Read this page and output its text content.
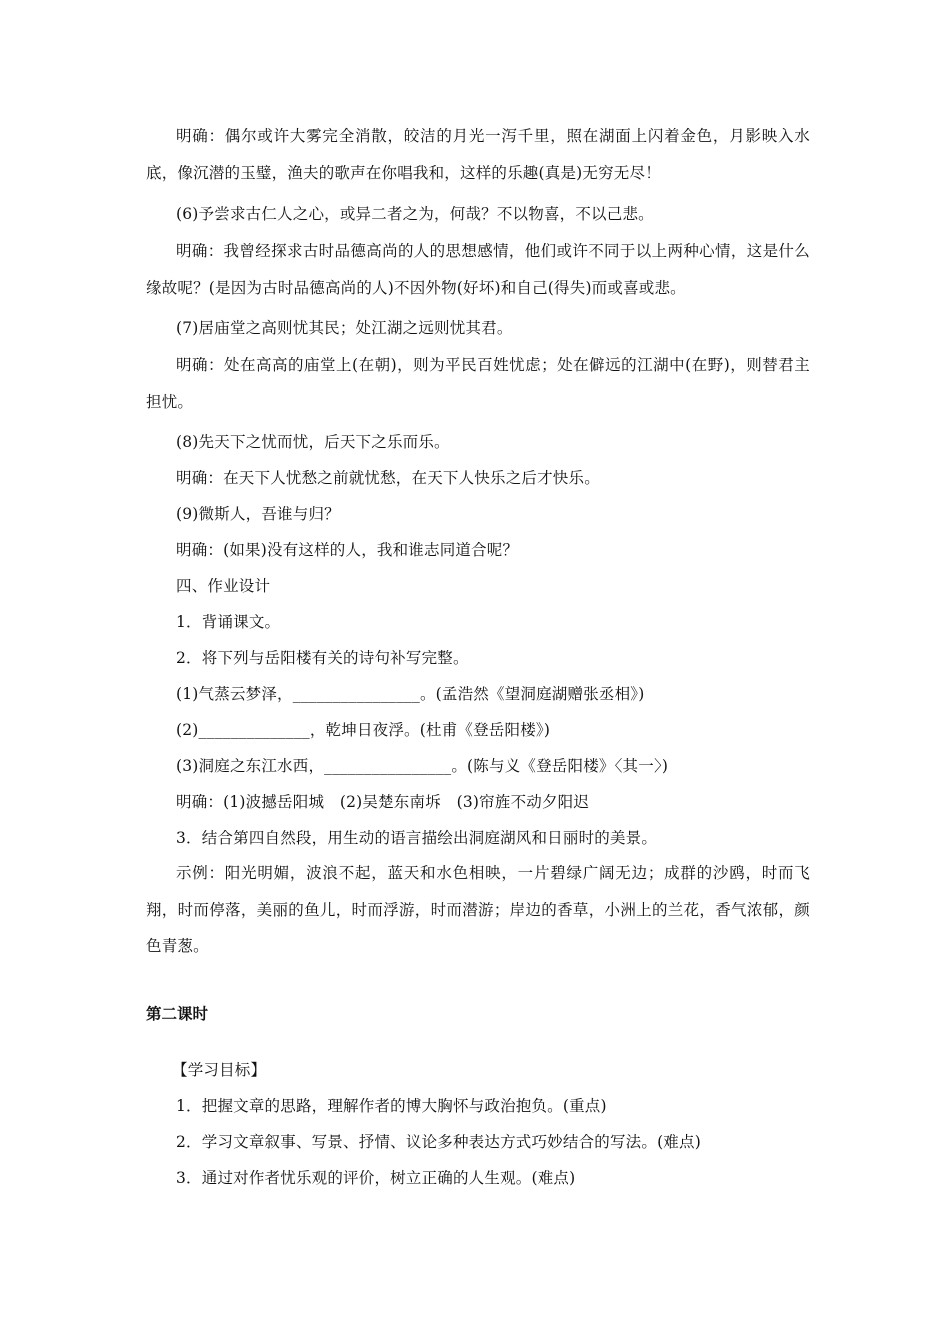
明确：偶尔或许大雾完全消散，皎洁的月光一泻千里，照在湖面上闪着金色，月影映入水底，像沉潜的玉璧，渔夫的歌声在你唱我和，这样的乐趣(真是)无穷无尽！

(6)予尝求古仁人之心，或异二者之为，何哉？不以物喜，不以己悲。

明确：我曾经探求古时品德高尚的人的思想感情，他们或许不同于以上两种心情，这是什么缘故呢？(是因为古时品德高尚的人)不因外物(好坏)和自己(得失)而或喜或悲。

(7)居庙堂之高则忧其民；处江湖之远则忧其君。

明确：处在高高的庙堂上(在朝)，则为平民百姓忧虑；处在僻远的江湖中(在野)，则替君主担忧。

(8)先天下之忧而忧，后天下之乐而乐。

明确：在天下人忧愁之前就忧愁，在天下人快乐之后才快乐。

(9)微斯人，吾谁与归？

明确：(如果)没有这样的人，我和谁志同道合呢？

四、作业设计

1．背诵课文。

2．将下列与岳阳楼有关的诗句补写完整。

(1)气蒸云梦泽，________________。(孟浩然《望洞庭湖赠张丞相》)

(2)______________，乾坤日夜浮。(杜甫《登岳阳楼》)

(3)洞庭之东江水西，________________。(陈与义《登岳阳楼》〈其一〉)

明确：(1)波撼岳阳城　(2)吴楚东南坼　(3)帘旌不动夕阳迟

3．结合第四自然段，用生动的语言描绘出洞庭湖风和日丽时的美景。

示例：阳光明媚，波浪不起，蓝天和水色相映，一片碧绿广阔无边；成群的沙鸥，时而飞翔，时而停落，美丽的鱼儿，时而浮游，时而潜游；岸边的香草，小洲上的兰花，香气浓郁，颜色青葱。

第二课时

【学习目标】

1．把握文章的思路，理解作者的博大胸怀与政治抱负。(重点)

2．学习文章叙事、写景、抒情、议论多种表达方式巧妙结合的写法。(难点)

3．通过对作者忧乐观的评价，树立正确的人生观。(难点)
